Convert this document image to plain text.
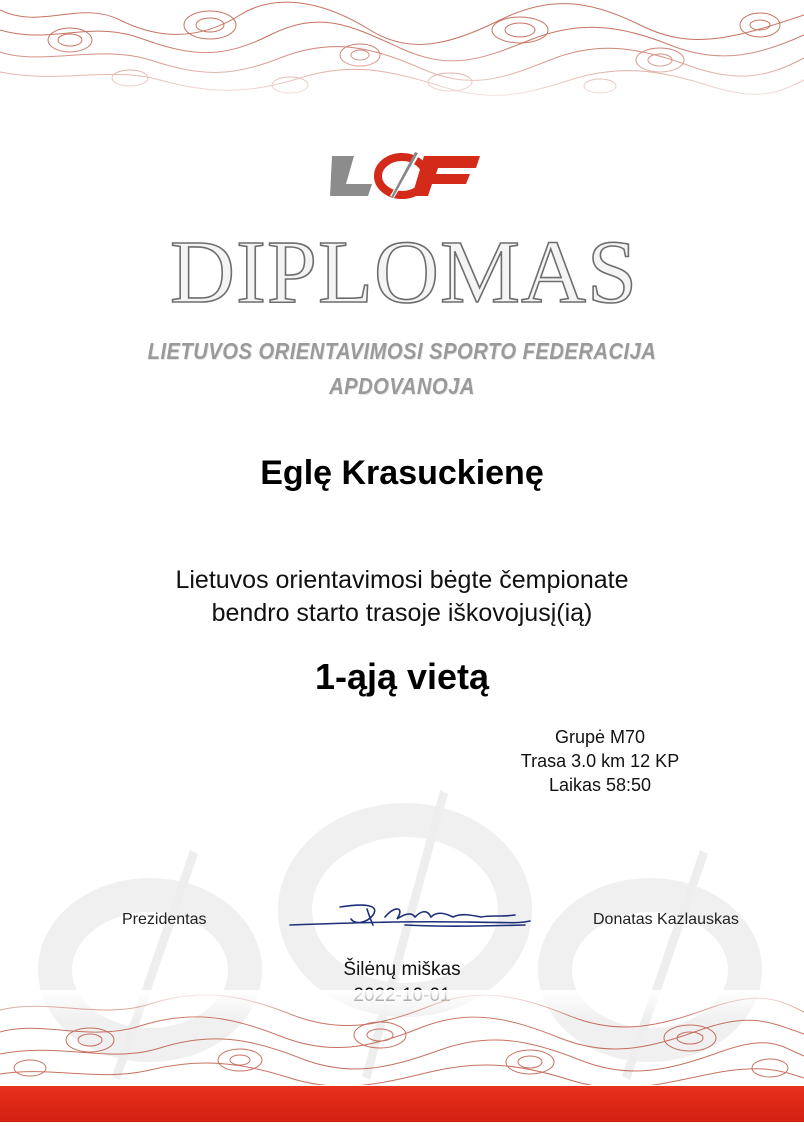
DIPLOMAS
LIETUVOS ORIENTAVIMOSI SPORTO FEDERACIJA
APDOVANOJA
Eglę Krasuckienę
Lietuvos orientavimosi bėgte čempionate
bendro starto trasoje iškovojusį(ią)
1-ąją vietą
Grupė M70
Trasa 3.0 km 12 KP
Laikas 58:50
Prezidentas	Donatas Kazlauskas
Šilėnų miškas
